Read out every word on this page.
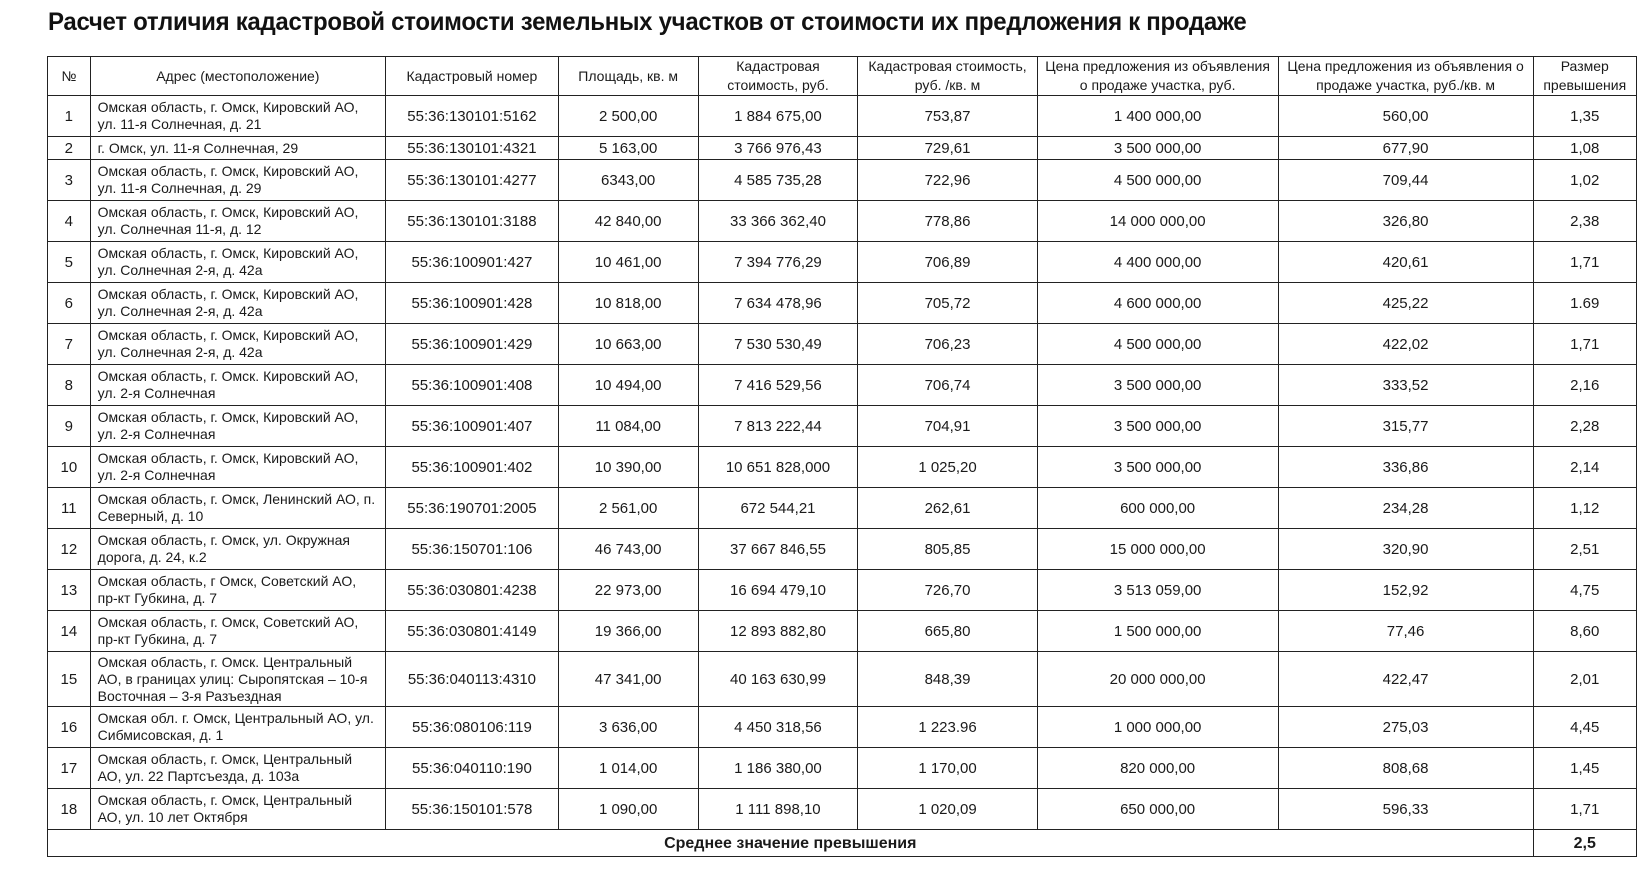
Расчет отличия кадастровой стоимости земельных участков от стоимости их предложения к продаже
№	Адрес (местоположение)	Кадастровый номер	Площадь, кв. м	Кадастровая стоимость, руб.	Кадастровая стоимость, руб. /кв. м	Цена предложения из объявления о продаже участка, руб.	Цена предложения из объявления о продаже участка, руб./кв. м	Размер превышения
1	Омская область, г. Омск, Кировский АО, ул. 11-я Солнечная, д. 21	55:36:130101:5162	2 500,00	1 884 675,00	753,87	1 400 000,00	560,00	1,35
2	г. Омск, ул. 11-я Солнечная, 29	55:36:130101:4321	5 163,00	3 766 976,43	729,61	3 500 000,00	677,90	1,08
3	Омская область, г. Омск, Кировский АО, ул. 11-я Солнечная, д. 29	55:36:130101:4277	6343,00	4 585 735,28	722,96	4 500 000,00	709,44	1,02
4	Омская область, г. Омск, Кировский АО, ул. Солнечная 11-я, д. 12	55:36:130101:3188	42 840,00	33 366 362,40	778,86	14 000 000,00	326,80	2,38
5	Омская область, г. Омск, Кировский АО, ул. Солнечная 2-я, д. 42а	55:36:100901:427	10 461,00	7 394 776,29	706,89	4 400 000,00	420,61	1,71
6	Омская область, г. Омск, Кировский АО, ул. Солнечная 2-я, д. 42а	55:36:100901:428	10 818,00	7 634 478,96	705,72	4 600 000,00	425,22	1.69
7	Омская область, г. Омск, Кировский АО, ул. Солнечная 2-я, д. 42а	55:36:100901:429	10 663,00	7 530 530,49	706,23	4 500 000,00	422,02	1,71
8	Омская область, г. Омск. Кировский АО, ул. 2-я Солнечная	55:36:100901:408	10 494,00	7 416 529,56	706,74	3 500 000,00	333,52	2,16
9	Омская область, г. Омск, Кировский АО, ул. 2-я Солнечная	55:36:100901:407	11 084,00	7 813 222,44	704,91	3 500 000,00	315,77	2,28
10	Омская область, г. Омск, Кировский АО, ул. 2-я Солнечная	55:36:100901:402	10 390,00	10 651 828,000	1 025,20	3 500 000,00	336,86	2,14
11	Омская область, г. Омск, Ленинский АО, п. Северный, д. 10	55:36:190701:2005	2 561,00	672 544,21	262,61	600 000,00	234,28	1,12
12	Омская область, г. Омск, ул. Окружная дорога, д. 24, к.2	55:36:150701:106	46 743,00	37 667 846,55	805,85	15 000 000,00	320,90	2,51
13	Омская область, г Омск, Советский АО, пр-кт Губкина, д. 7	55:36:030801:4238	22 973,00	16 694 479,10	726,70	3 513 059,00	152,92	4,75
14	Омская область, г. Омск, Советский АО, пр-кт Губкина, д. 7	55:36:030801:4149	19 366,00	12 893 882,80	665,80	1 500 000,00	77,46	8,60
15	Омская область, г. Омск. Центральный АО, в границах улиц: Сыропятская – 10-я Восточная – 3-я Разъездная	55:36:040113:4310	47 341,00	40 163 630,99	848,39	20 000 000,00	422,47	2,01
16	Омская обл. г. Омск, Центральный АО, ул. Сибмисовская, д. 1	55:36:080106:119	3 636,00	4 450 318,56	1 223.96	1 000 000,00	275,03	4,45
17	Омская область, г. Омск, Центральный АО, ул. 22 Партсъезда, д. 103а	55:36:040110:190	1 014,00	1 186 380,00	1 170,00	820 000,00	808,68	1,45
18	Омская область, г. Омск, Центральный АО, ул. 10 лет Октября	55:36:150101:578	1 090,00	1 111 898,10	1 020,09	650 000,00	596,33	1,71
Среднее значение превышения								2,5
